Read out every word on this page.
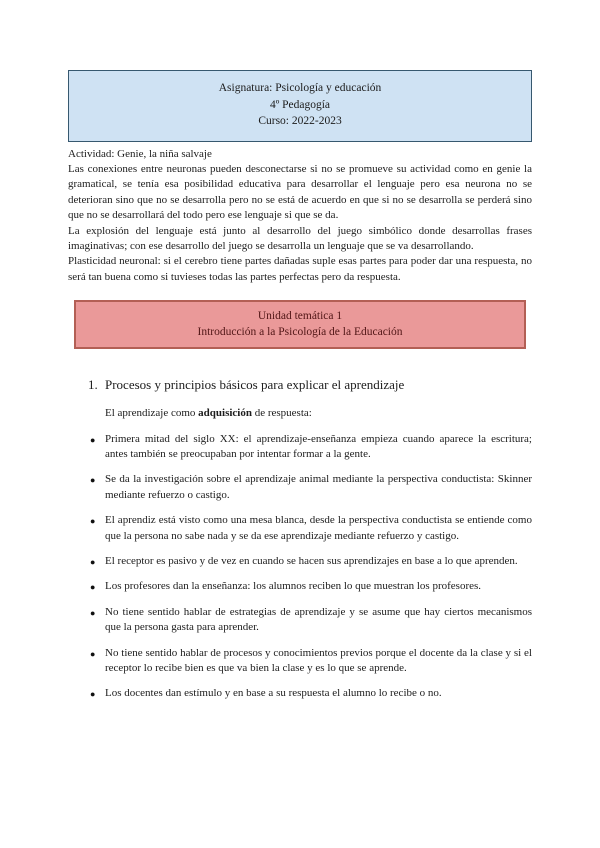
Asignatura: Psicología y educación
4º Pedagogía
Curso: 2022-2023

Actividad: Genie, la niña salvaje

Las conexiones entre neuronas pueden desconectarse si no se promueve su actividad como en genie la gramatical, se tenía esa posibilidad educativa para desarrollar el lenguaje pero esa neurona no se deterioran sino que no se desarrolla pero no se está de acuerdo en que si no se desarrolla se perderá sino que no se desarrollará del todo pero ese lenguaje si que se da.

La explosión del lenguaje está junto al desarrollo del juego simbólico donde desarrollas frases imaginativas; con ese desarrollo del juego se desarrolla un lenguaje que se va desarrollando.

Plasticidad neuronal: si el cerebro tiene partes dañadas suple esas partes para poder dar una respuesta, no será tan buena como si tuvieses todas las partes perfectas pero da respuesta.

Unidad temática 1
Introducción a la Psicología de la Educación
1. Procesos y principios básicos para explicar el aprendizaje

El aprendizaje como adquisición de respuesta:

● Primera mitad del siglo XX: el aprendizaje-enseñanza empieza cuando aparece la escritura; antes también se preocupaban por intentar formar a la gente.
● Se da la investigación sobre el aprendizaje animal mediante la perspectiva conductista: Skinner mediante refuerzo o castigo.
● El aprendiz está visto como una mesa blanca, desde la perspectiva conductista se entiende como que la persona no sabe nada y se da ese aprendizaje mediante refuerzo y castigo.
● El receptor es pasivo y de vez en cuando se hacen sus aprendizajes en base a lo que aprenden.
● Los profesores dan la enseñanza: los alumnos reciben lo que muestran los profesores.
● No tiene sentido hablar de estrategias de aprendizaje y se asume que hay ciertos mecanismos que la persona gasta para aprender.
● No tiene sentido hablar de procesos y conocimientos previos porque el docente da la clase y si el receptor lo recibe bien es que va bien la clase y es lo que se aprende.
● Los docentes dan estímulo y en base a su respuesta el alumno lo recibe o no.
